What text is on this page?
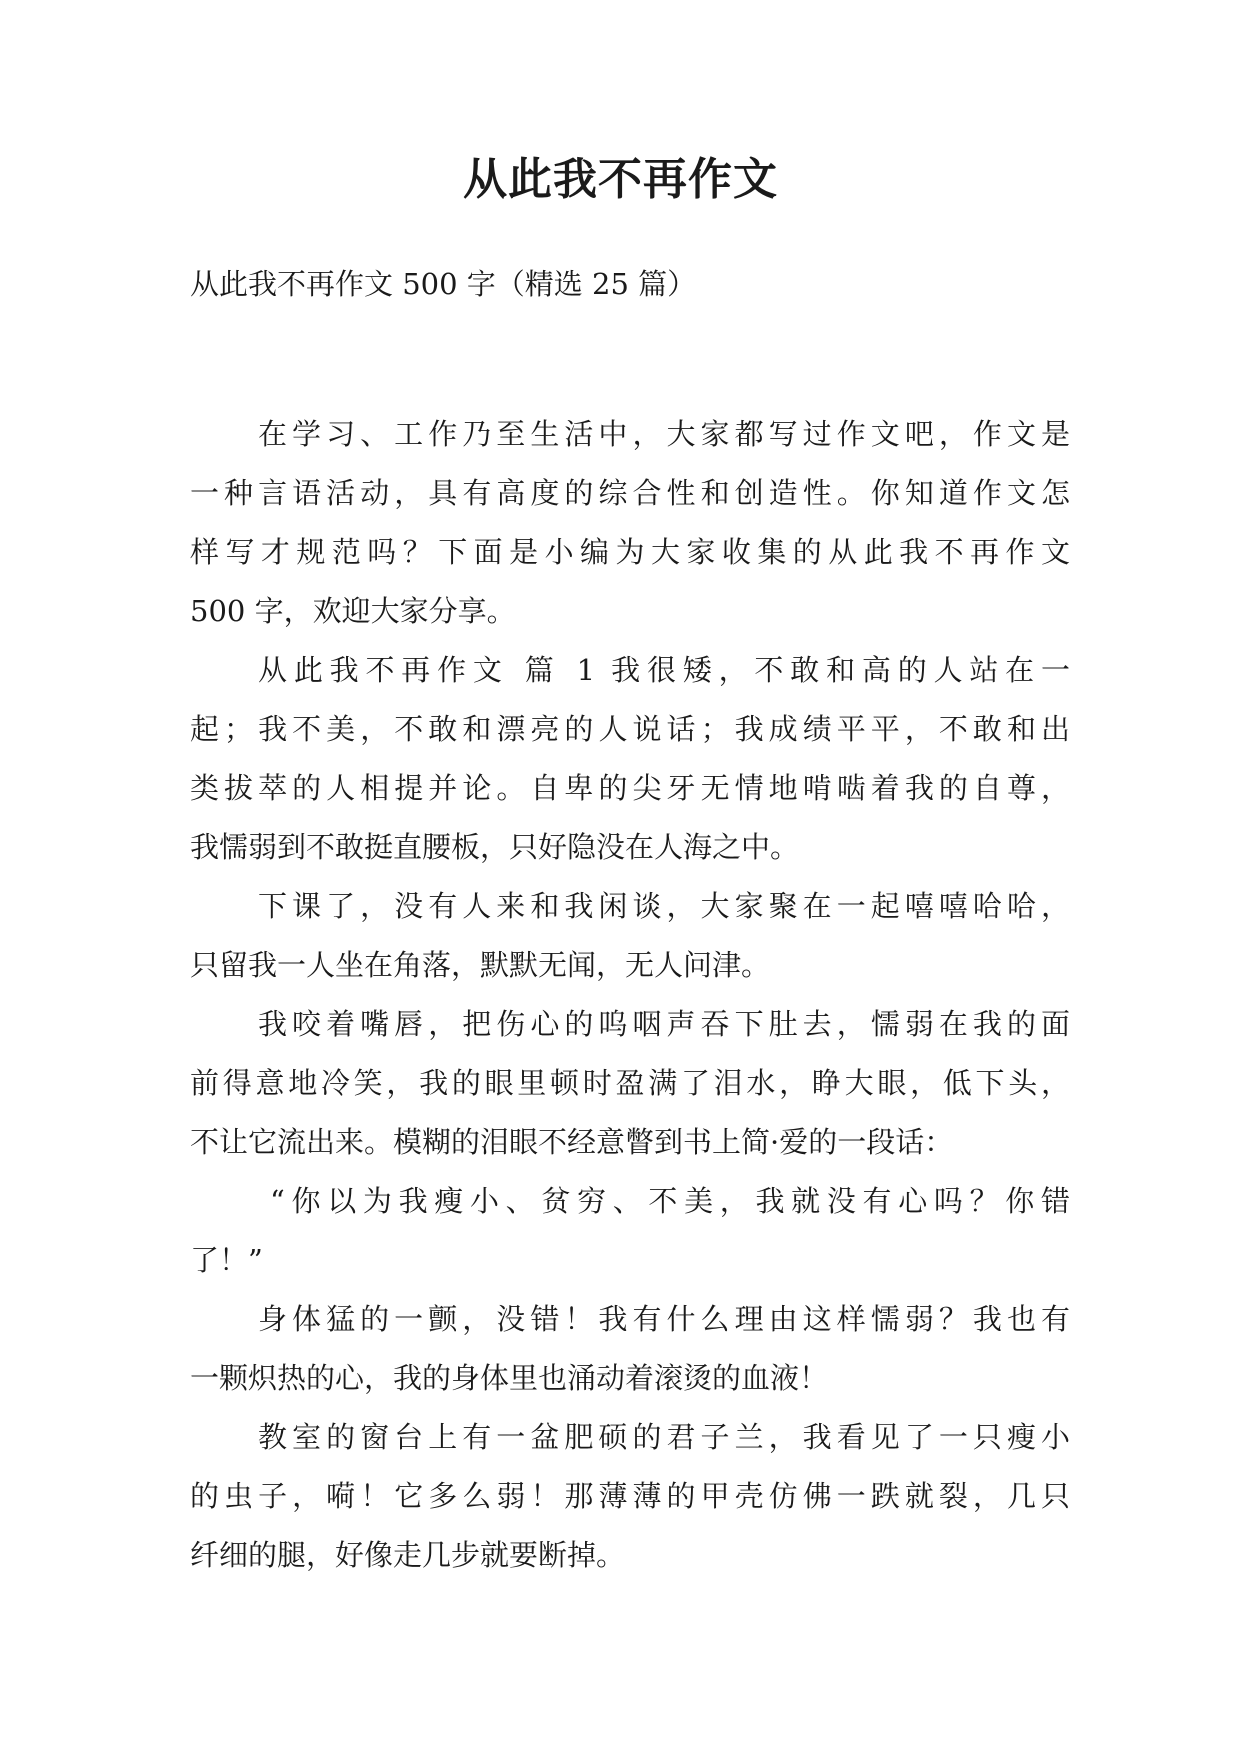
从此我不再作文
从此我不再作文 500 字（精选 25 篇）
在学习、工作乃至生活中，大家都写过作文吧，作文是
一种言语活动，具有高度的综合性和创造性。你知道作文怎
样写才规范吗？下面是小编为大家收集的从此我不再作文
500 字，欢迎大家分享。
从此我不再作文 篇 1 我很矮，不敢和高的人站在一
起；我不美，不敢和漂亮的人说话；我成绩平平，不敢和出
类拔萃的人相提并论。自卑的尖牙无情地啃啮着我的自尊，
我懦弱到不敢挺直腰板，只好隐没在人海之中。
下课了，没有人来和我闲谈，大家聚在一起嘻嘻哈哈，
只留我一人坐在角落，默默无闻，无人问津。
我咬着嘴唇，把伤心的呜咽声吞下肚去，懦弱在我的面
前得意地冷笑，我的眼里顿时盈满了泪水，睁大眼，低下头，
不让它流出来。模糊的泪眼不经意瞥到书上简·爱的一段话：
“你以为我瘦小、贫穷、不美，我就没有心吗？你错
了！”
身体猛的一颤，没错！我有什么理由这样懦弱？我也有
一颗炽热的心，我的身体里也涌动着滚烫的血液！
教室的窗台上有一盆肥硕的君子兰，我看见了一只瘦小
的虫子，嗬！它多么弱！那薄薄的甲壳仿佛一跌就裂，几只
纤细的腿，好像走几步就要断掉。
